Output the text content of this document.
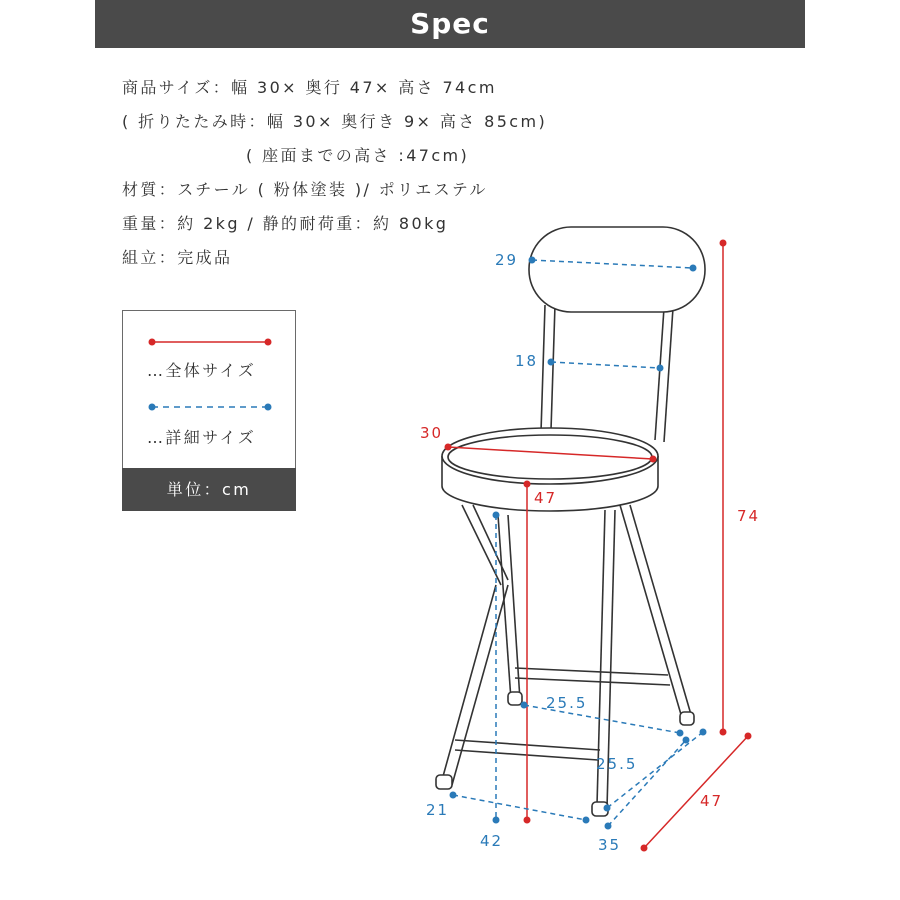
Spec
商品サイズ：幅 30× 奥行 47× 高さ 74cm
( 折りたたみ時：幅 30× 奥行き 9× 高さ 85cm)
( 座面までの高さ :47cm)
材質：スチール ( 粉体塗装 )/ ポリエステル
重量：約 2kg / 静的耐荷重：約 80kg
組立：完成品
…全体サイズ
…詳細サイズ
単位：cm
29
18
30
47
74
25.5
25.5
21
42	35
47
